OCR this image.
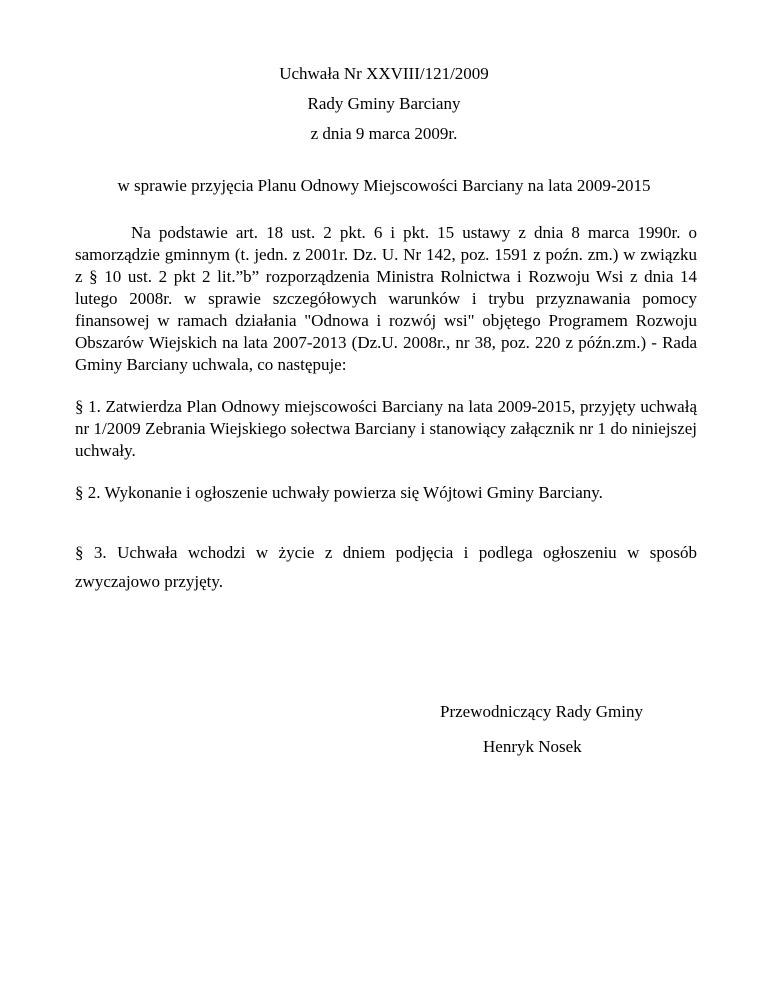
Uchwała Nr XXVIII/121/2009
Rady Gminy Barciany
z dnia 9 marca 2009r.
w sprawie przyjęcia Planu Odnowy Miejscowości Barciany na lata 2009-2015
Na podstawie art. 18 ust. 2 pkt. 6 i pkt. 15 ustawy z dnia 8 marca 1990r. o samorządzie gminnym (t. jedn. z 2001r. Dz. U. Nr 142, poz. 1591 z poźn. zm.) w związku z § 10 ust. 2 pkt 2 lit.”b” rozporządzenia Ministra Rolnictwa i Rozwoju Wsi z dnia 14 lutego 2008r. w sprawie szczegółowych warunków i trybu przyznawania pomocy finansowej w ramach działania "Odnowa i rozwój wsi" objętego Programem Rozwoju Obszarów Wiejskich na lata 2007-2013 (Dz.U. 2008r., nr 38, poz. 220 z późn.zm.) - Rada Gminy Barciany uchwala, co następuje:
§ 1. Zatwierdza Plan Odnowy miejscowości Barciany na lata 2009-2015, przyjęty uchwałą nr 1/2009 Zebrania Wiejskiego sołectwa Barciany i stanowiący załącznik nr 1 do niniejszej uchwały.
§ 2. Wykonanie i ogłoszenie uchwały powierza się Wójtowi Gminy Barciany.
§ 3. Uchwała wchodzi w życie z dniem podjęcia i podlega ogłoszeniu w sposób zwyczajowo przyjęty.
Przewodniczący Rady Gminy
Henryk Nosek
